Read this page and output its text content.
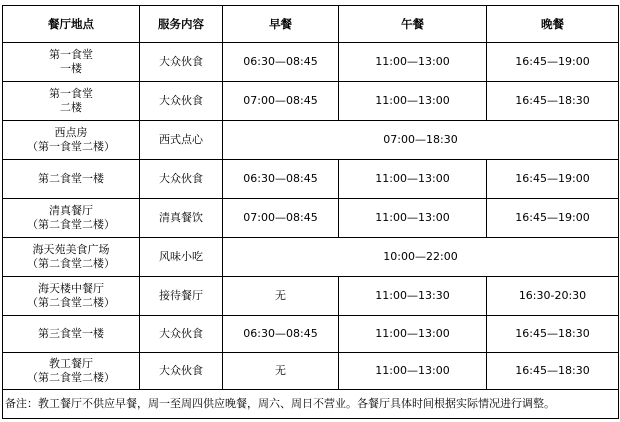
餐厅地点	服务内容	早餐	午餐	晚餐

第一食堂
一楼	大众伙食	06:30—08:45	11:00—13:00	16:45—19:00

第一食堂
二楼	大众伙食	07:00—08:45	11:00—13:00	16:45—18:30

西点房
（第一食堂二楼）	西式点心	07:00—18:30		

第二食堂一楼	大众伙食	06:30—08:45	11:00—13:00	16:45—19:00

清真餐厅
（第二食堂二楼）	清真餐饮	07:00—08:45	11:00—13:00	16:45—19:00

海天苑美食广场
（第二食堂二楼）	风味小吃	10:00—22:00		

海天楼中餐厅
（第二食堂二楼）	接待餐厅	无	11:00—13:30	16:30-20:30

第三食堂一楼	大众伙食	06:30—08:45	11:00—13:00	16:45—18:30

教工餐厅
（第二食堂二楼）	大众伙食	无	11:00—13:00	16:45—18:30
备注：教工餐厅不供应早餐，周一至周四供应晚餐，周六、周日不营业。各餐厅具体时间根据实际情况进行调整。				
